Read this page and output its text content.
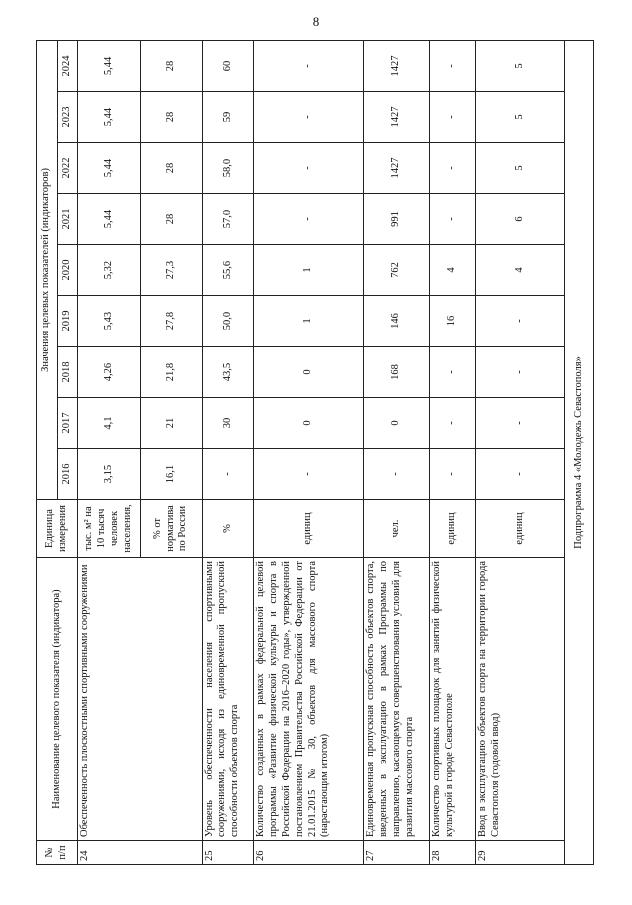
8
№
п/п	Наименование целевого показателя (индикатора)	Единица измерения	Значения целевых показателей (индикаторов)								
			2016	2017	2018	2019	2020	2021	2022	2023	2024
24	Обеспеченность плоскостными спортивными сооружениями	тыс. м² на 10 тысяч человек населения,	3,15	4,1	4,26	5,43	5,32	5,44	5,44	5,44	5,44
		% от норматива по России	16,1	21	21,8	27,8	27,3	28	28	28	28
25	Уровень обеспеченности населения спортивными сооружениями, исходя из единовременной пропускной способности объектов спорта	%	-	30	43,5	50,0	55,6	57,0	58,0	59	60
26	Количество созданных в рамках федеральной целевой программы «Развитие физической культуры и спорта в Российской Федерации на 2016–2020 годы», утвержденной постановлением Правительства Российской Федерации от 21.01.2015 № 30, объектов для массового спорта (нарастающим итогом)	единиц	-	0	0	1	1	-	-	-	-
27	Единовременная пропускная способность объектов спорта, введенных в эксплуатацию в рамках Программы по направлению, касающемуся совершенствования условий для развития массового спорта	чел.	-	0	168	146	762	991	1427	1427	1427
28	Количество спортивных площадок для занятий физической культурой в городе Севастополе	единиц	-	-	-	16	4	-	-	-	-
29	Ввод в эксплуатацию объектов спорта на территории города Севастополя (годовой ввод)	единиц	-	-	-	-	4	6	5	5	5
Подпрограмма 4 «Молодежь Севастополя»											
